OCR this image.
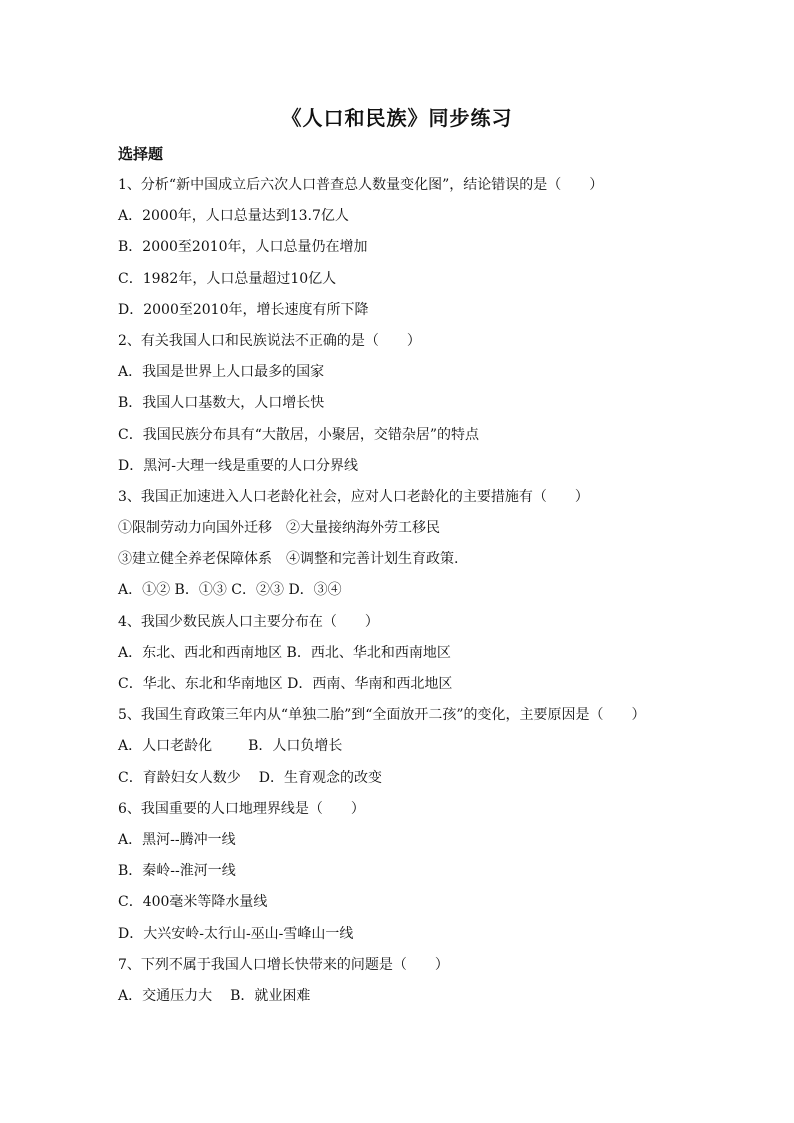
《人口和民族》同步练习
选择题
1、分析“新中国成立后六次人口普查总人数量变化图”，结论错误的是（　　）
A．2000年，人口总量达到13.7亿人
B．2000至2010年，人口总量仍在增加
C．1982年，人口总量超过10亿人
D．2000至2010年，增长速度有所下降
2、有关我国人口和民族说法不正确的是（　　）
A．我国是世界上人口最多的国家
B．我国人口基数大，人口增长快
C．我国民族分布具有“大散居，小聚居，交错杂居”的特点
D．黑河-大理一线是重要的人口分界线
3、我国正加速进入人口老龄化社会，应对人口老龄化的主要措施有（　　）
①限制劳动力向国外迁移　②大量接纳海外劳工移民
③建立健全养老保障体系　④调整和完善计划生育政策.
A．①② B．①③ C．②③ D．③④
4、我国少数民族人口主要分布在（　　）
A．东北、西北和西南地区 B．西北、华北和西南地区
C．华北、东北和华南地区 D．西南、华南和西北地区
5、我国生育政策三年内从“单独二胎”到“全面放开二孩”的变化，主要原因是（　　）
A．人口老龄化	B．人口负增长
C．育龄妇女人数少 D．生育观念的改变
6、我国重要的人口地理界线是（　　）
A．黑河--腾冲一线
B．秦岭--淮河一线
C．400毫米等降水量线
D．大兴安岭-太行山-巫山-雪峰山一线
7、下列不属于我国人口增长快带来的问题是（　　）
A．交通压力大 B．就业困难
